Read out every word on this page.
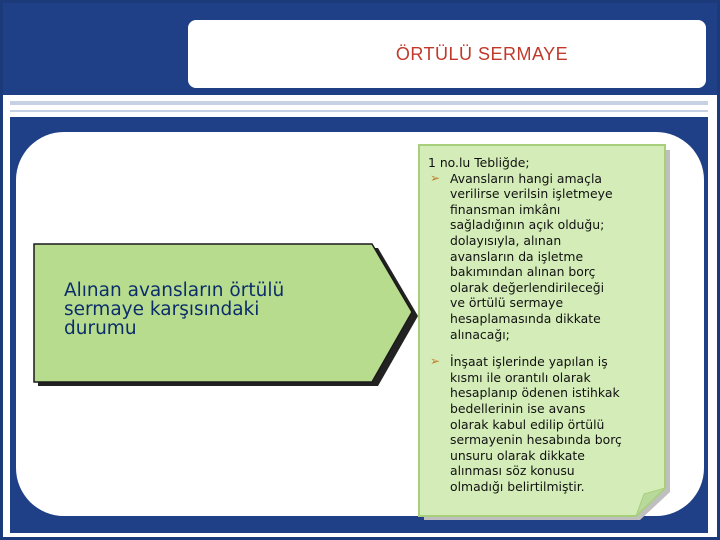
ÖRTÜLÜ SERMAYE
Alınan avansların örtülü
sermaye karşısındaki
durumu
1 no.lu Tebliğde;
➢ Avansların hangi amaçla
verilirse verilsin işletmeye
finansman imkânı
sağladığının açık olduğu;
dolayısıyla, alınan
avansların da işletme
bakımından alınan borç
olarak değerlendirileceği
ve örtülü sermaye
hesaplamasında dikkate
alınacağı;
➢ İnşaat işlerinde yapılan iş
kısmı ile orantılı olarak
hesaplanıp ödenen istihkak
bedellerinin ise avans
olarak kabul edilip örtülü
sermayenin hesabında borç
unsuru olarak dikkate
alınması söz konusu
olmadığı belirtilmiştir.
